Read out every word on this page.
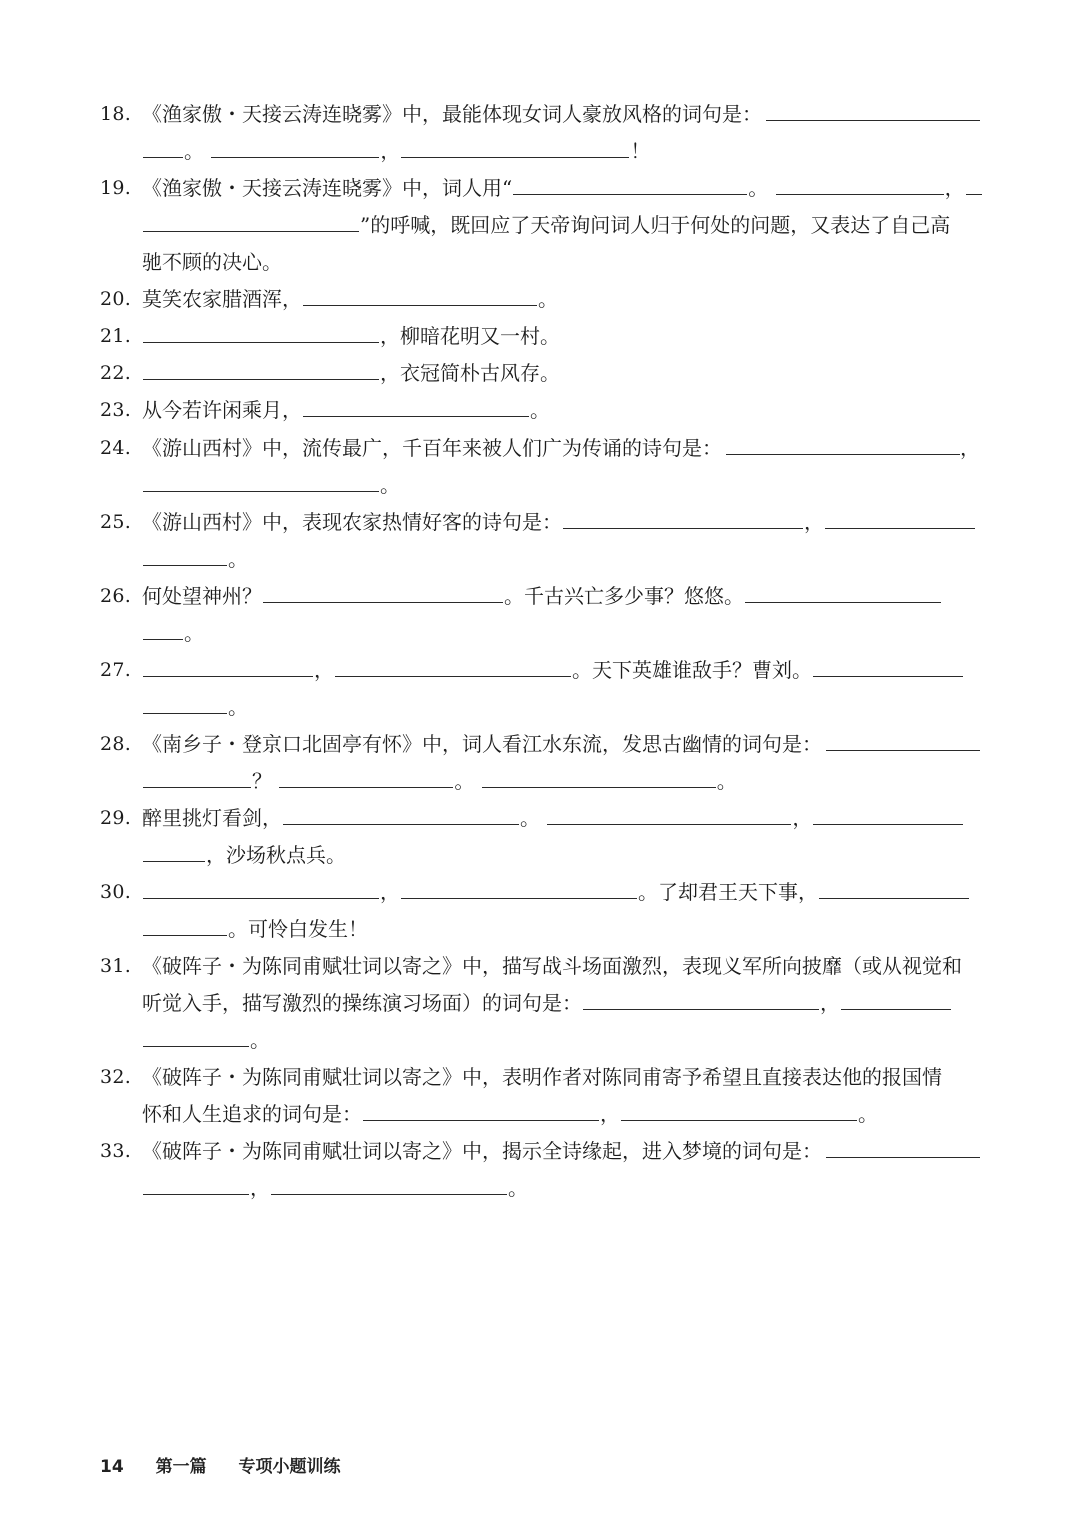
18. 《渔家傲・天接云涛连晓雾》中，最能体现女词人豪放风格的词句是：
。	，	！
19. 《渔家傲・天接云涛连晓雾》中，词人用“	。	，
”的呼喊，既回应了天帝询问词人归于何处的问题，又表达了自己高
驰不顾的决心。
20. 莫笑农家腊酒浑，	。
21.	，柳暗花明又一村。
22.	，衣冠简朴古风存。
23. 从今若许闲乘月，	。
24. 《游山西村》中，流传最广，千百年来被人们广为传诵的诗句是：	，
。
25. 《游山西村》中，表现农家热情好客的诗句是：	，
。
26. 何处望神州？	。千古兴亡多少事？悠悠。
。
27.	，	。天下英雄谁敌手？曹刘。
。
28. 《南乡子・登京口北固亭有怀》中，词人看江水东流，发思古幽情的词句是：
？	。	。
29. 醉里挑灯看剑，	。	，
，沙场秋点兵。
30.	，	。了却君王天下事，
。可怜白发生！
31. 《破阵子・为陈同甫赋壮词以寄之》中，描写战斗场面激烈，表现义军所向披靡（或从视觉和
听觉入手，描写激烈的操练演习场面）的词句是：	，
。
32. 《破阵子・为陈同甫赋壮词以寄之》中，表明作者对陈同甫寄予希望且直接表达他的报国情
怀和人生追求的词句是：	，	。
33. 《破阵子・为陈同甫赋壮词以寄之》中，揭示全诗缘起，进入梦境的词句是：
，	。
14 第一篇 专项小题训练
